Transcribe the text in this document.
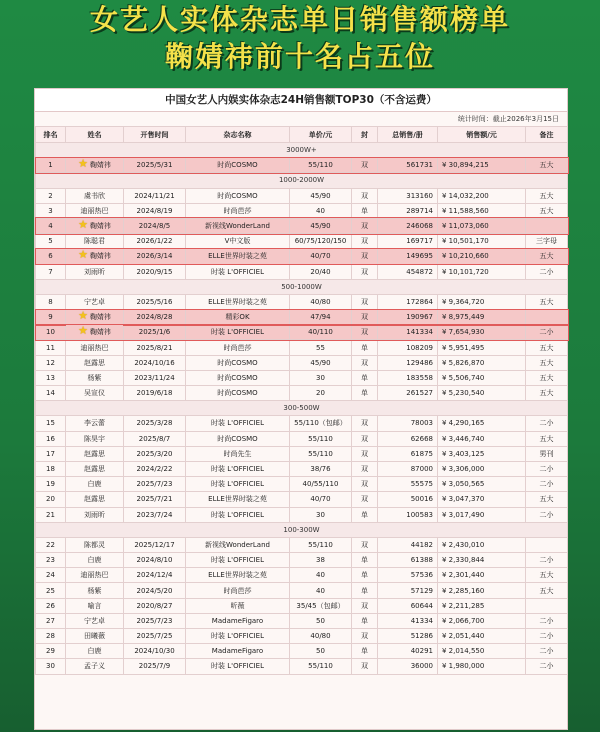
女艺人实体杂志单日销售额榜单
鞠婧祎前十名占五位
中国女艺人内娱实体杂志24H销售额TOP30（不含运费）
统计时间：截止2026年3月15日
排名	姓名	开售时间	杂志名称	单价/元	封	总销售/册	销售额/元	备注
3000W+								
1	★ 鞠婧祎	2025/5/31	时尚COSMO	55/110	双	561731	¥ 30,894,215	五大
1000-2000W								
2	虞书欣	2024/11/21	时尚COSMO	45/90	双	313160	¥ 14,032,200	五大
3	迪丽热巴	2024/8/19	时尚芭莎	40	单	289714	¥ 11,588,560	五大
4	★ 鞠婧祎	2024/8/5	新视线WonderLand	45/90	双	246068	¥ 11,073,060	
5	陈聪君	2026/1/22	V中文版	60/75/120/150	双	169717	¥ 10,501,170	三字母
6	★ 鞠婧祎	2026/3/14	ELLE世界时装之苑	40/70	双	149695	¥ 10,210,660	五大
7	刘雨昕	2020/9/15	时装 L'OFFICIEL	20/40	双	454872	¥ 10,101,720	二小
500-1000W								
8	宁艺卓	2025/5/16	ELLE世界时装之苑	40/80	双	172864	¥ 9,364,720	五大
9	★ 鞠婧祎	2024/8/28	精彩OK	47/94	双	190967	¥ 8,975,449	
10	★ 鞠婧祎	2025/1/6	时装 L'OFFICIEL	40/110	双	141334	¥ 7,654,930	二小
11	迪丽热巴	2025/8/21	时尚芭莎	55	单	108209	¥ 5,951,495	五大
12	赵露思	2024/10/16	时尚COSMO	45/90	双	129486	¥ 5,826,870	五大
13	杨紫	2023/11/24	时尚COSMO	30	单	183558	¥ 5,506,740	五大
14	吴宣仪	2019/6/18	时尚COSMO	20	单	261527	¥ 5,230,540	五大
300-500W								
15	李云蕾	2025/3/28	时装 L'OFFICIEL	55/110（包邮）	双	78003	¥ 4,290,165	二小
16	陈昊宇	2025/8/7	时尚COSMO	55/110	双	62668	¥ 3,446,740	五大
17	赵露思	2025/3/20	时尚先生	55/110	双	61875	¥ 3,403,125	男刊
18	赵露思	2024/2/22	时装 L'OFFICIEL	38/76	双	87000	¥ 3,306,000	二小
19	白鹿	2025/7/23	时装 L'OFFICIEL	40/55/110	双	55575	¥ 3,050,565	二小
20	赵露思	2025/7/21	ELLE世界时装之苑	40/70	双	50016	¥ 3,047,370	五大
21	刘雨昕	2023/7/24	时装 L'OFFICIEL	30	单	100583	¥ 3,017,490	二小
100-300W								
22	陈都灵	2025/12/17	新视线WonderLand	55/110	双	44182	¥ 2,430,010	
23	白鹿	2024/8/10	时装 L'OFFICIEL	38	单	61388	¥ 2,330,844	二小
24	迪丽热巴	2024/12/4	ELLE世界时装之苑	40	单	57536	¥ 2,301,440	五大
25	杨紫	2024/5/20	时尚芭莎	40	单	57129	¥ 2,285,160	五大
26	喻言	2020/8/27	昕薇	35/45（包邮）	双	60644	¥ 2,211,285	
27	宁艺卓	2025/7/23	MadameFigaro	50	单	41334	¥ 2,066,700	二小
28	田曦薇	2025/7/25	时装 L'OFFICIEL	40/80	双	51286	¥ 2,051,440	二小
29	白鹿	2024/10/30	MadameFigaro	50	单	40291	¥ 2,014,550	二小
30	孟子义	2025/7/9	时装 L'OFFICIEL	55/110	双	36000	¥ 1,980,000	二小
